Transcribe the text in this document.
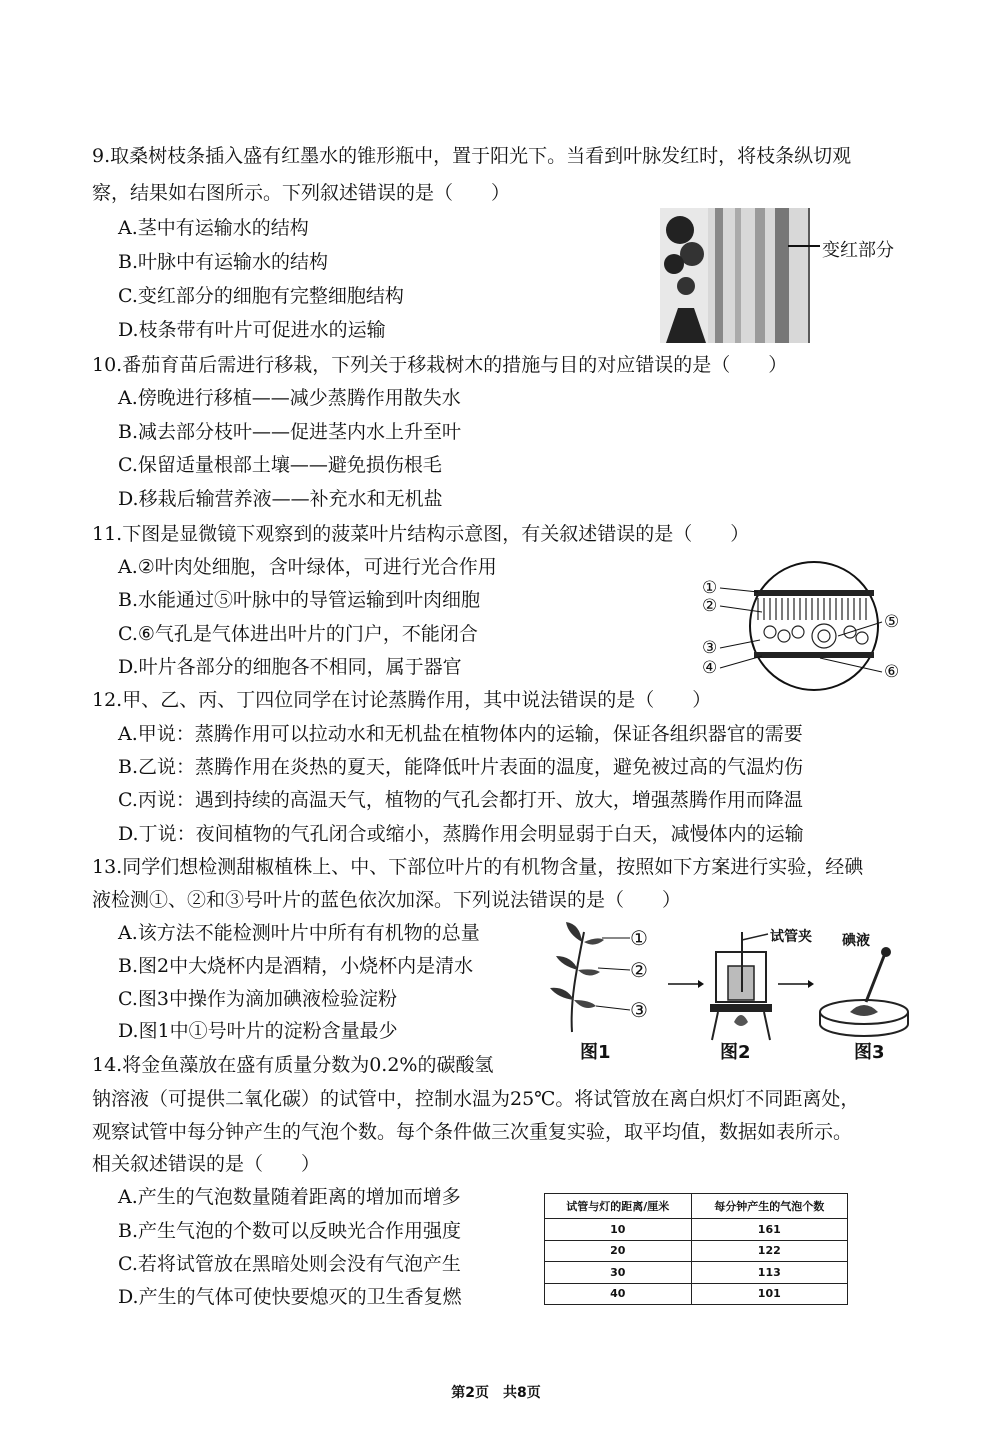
9.取桑树枝条插入盛有红墨水的锥形瓶中，置于阳光下。当看到叶脉发红时，将枝条纵切观
察，结果如右图所示。下列叙述错误的是（　　）
A.茎中有运输水的结构
B.叶脉中有运输水的结构
C.变红部分的细胞有完整细胞结构
D.枝条带有叶片可促进水的运输
变红部分
10.番茄育苗后需进行移栽，下列关于移栽树木的措施与目的对应错误的是（　　）
A.傍晚进行移植——减少蒸腾作用散失水
B.减去部分枝叶——促进茎内水上升至叶
C.保留适量根部土壤——避免损伤根毛
D.移栽后输营养液——补充水和无机盐
11.下图是显微镜下观察到的菠菜叶片结构示意图，有关叙述错误的是（　　）
A.②叶肉处细胞，含叶绿体，可进行光合作用
B.水能通过⑤叶脉中的导管运输到叶肉细胞
C.⑥气孔是气体进出叶片的门户，不能闭合
D.叶片各部分的细胞各不相同，属于器官
①
②
③
④
⑤
⑥
12.甲、乙、丙、丁四位同学在讨论蒸腾作用，其中说法错误的是（　　）
A.甲说：蒸腾作用可以拉动水和无机盐在植物体内的运输，保证各组织器官的需要
B.乙说：蒸腾作用在炎热的夏天，能降低叶片表面的温度，避免被过高的气温灼伤
C.丙说：遇到持续的高温天气，植物的气孔会都打开、放大，增强蒸腾作用而降温
D.丁说：夜间植物的气孔闭合或缩小，蒸腾作用会明显弱于白天，减慢体内的运输
13.同学们想检测甜椒植株上、中、下部位叶片的有机物含量，按照如下方案进行实验，经碘
液检测①、②和③号叶片的蓝色依次加深。下列说法错误的是（　　）
A.该方法不能检测叶片中所有有机物的总量
B.图2中大烧杯内是酒精，小烧杯内是清水
C.图3中操作为滴加碘液检验淀粉
D.图1中①号叶片的淀粉含量最少
①
②
③
试管夹 碘液
图1	图2	图3
14.将金鱼藻放在盛有质量分数为0.2%的碳酸氢
钠溶液（可提供二氧化碳）的试管中，控制水温为25℃。将试管放在离白炽灯不同距离处，
观察试管中每分钟产生的气泡个数。每个条件做三次重复实验，取平均值，数据如表所示。
相关叙述错误的是（　　）
A.产生的气泡数量随着距离的增加而增多
B.产生气泡的个数可以反映光合作用强度
C.若将试管放在黑暗处则会没有气泡产生
D.产生的气体可使快要熄灭的卫生香复燃
试管与灯的距离/厘米	每分钟产生的气泡个数
10	161
20	122
30	113
40	101
第2页　共8页
